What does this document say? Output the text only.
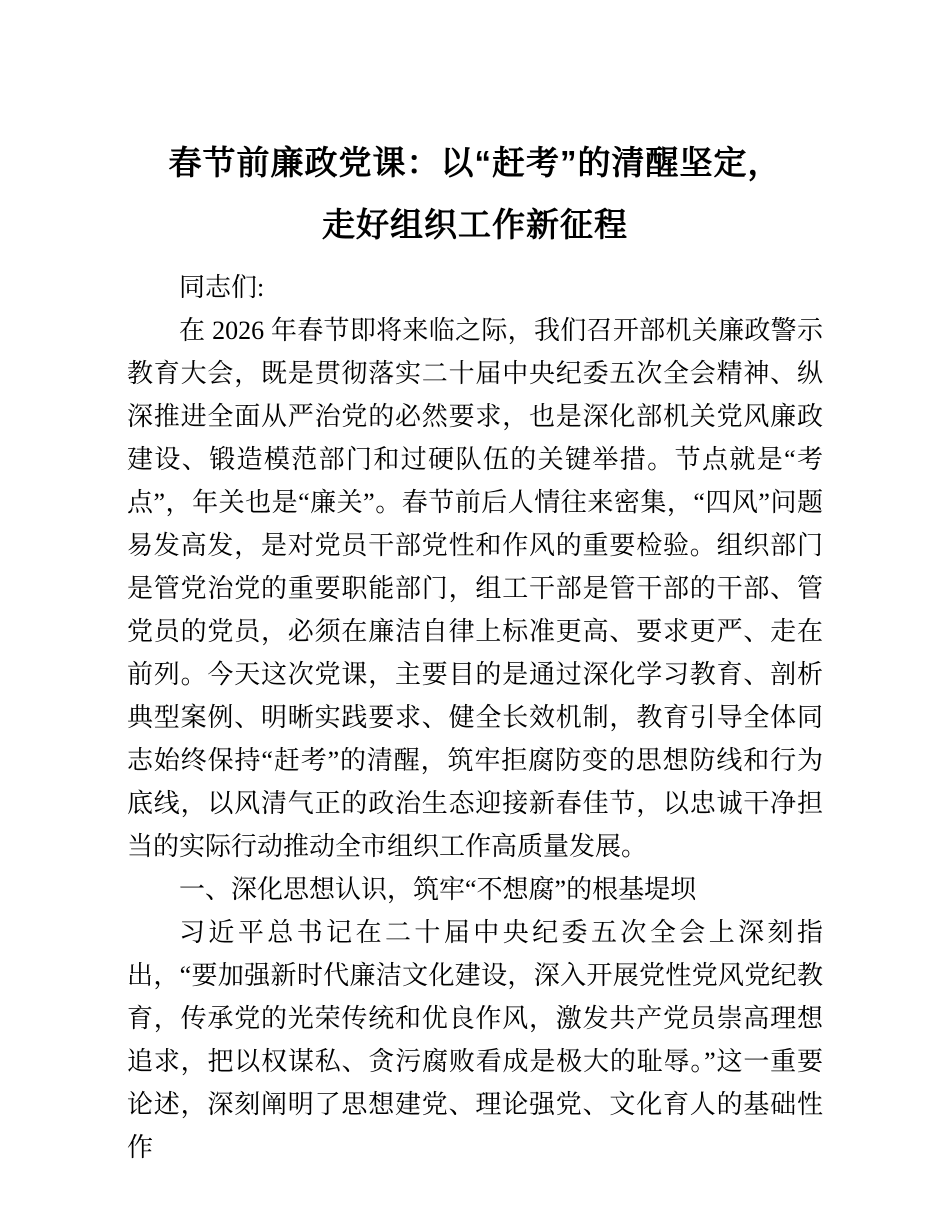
春节前廉政党课：以“赶考”的清醒坚定，
走好组织工作新征程

同志们:

在 2026 年春节即将来临之际，我们召开部机关廉政警示教育大会，既是贯彻落实二十届中央纪委五次全会精神、纵深推进全面从严治党的必然要求，也是深化部机关党风廉政建设、锻造模范部门和过硬队伍的关键举措。节点就是“考点”，年关也是“廉关”。春节前后人情往来密集，“四风”问题易发高发，是对党员干部党性和作风的重要检验。组织部门是管党治党的重要职能部门，组工干部是管干部的干部、管党员的党员，必须在廉洁自律上标准更高、要求更严、走在前列。今天这次党课，主要目的是通过深化学习教育、剖析典型案例、明晰实践要求、健全长效机制，教育引导全体同志始终保持“赶考”的清醒，筑牢拒腐防变的思想防线和行为底线，以风清气正的政治生态迎接新春佳节，以忠诚干净担当的实际行动推动全市组织工作高质量发展。

一、深化思想认识，筑牢“不想腐”的根基堤坝

习近平总书记在二十届中央纪委五次全会上深刻指出，“要加强新时代廉洁文化建设，深入开展党性党风党纪教育，传承党的光荣传统和优良作风，激发共产党员崇高理想追求，把以权谋私、贪污腐败看成是极大的耻辱。”这一重要论述，深刻阐明了思想建党、理论强党、文化育人的基础性作
